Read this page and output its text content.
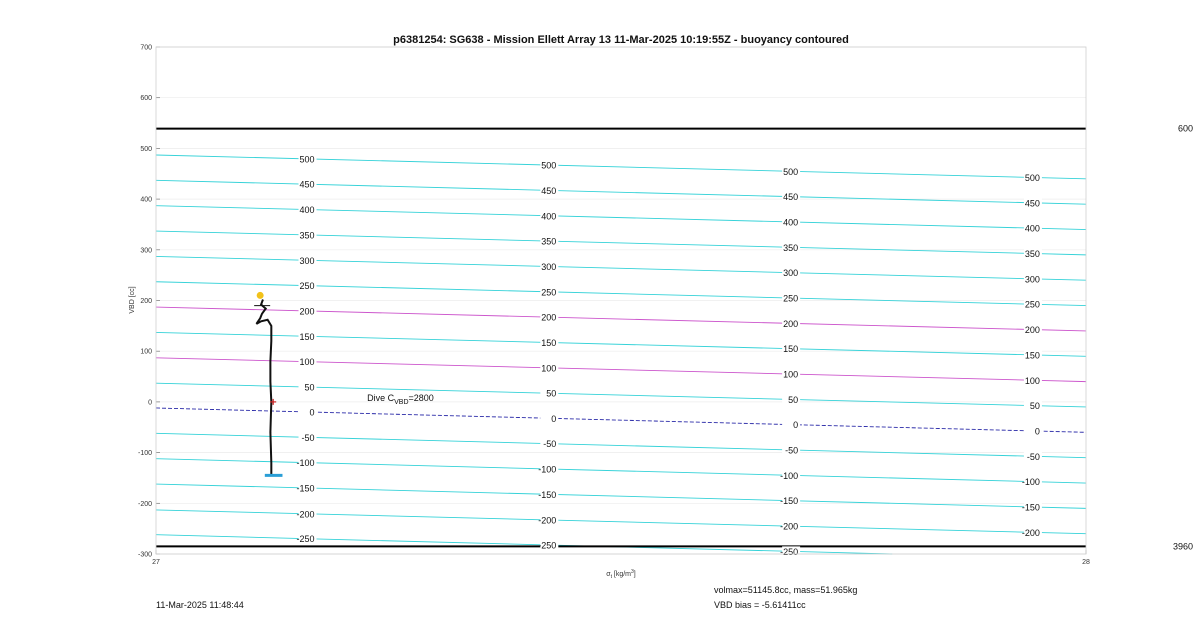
p6381254: SG638 - Mission Ellett Array 13 11-Mar-2025 10:19:55Z - buoyancy contoured
600
3960
-250
-200
-150
-100
-50
0
50
100
150
200
250
300
350
400
450
500
-250
-200
-150
-100
-50
0
50
100
150
200
250
300
350
400
450
500
-250
-200
-150
-100
-50
0
50
100
150
200
250
300
350
400
450
500
-200
-150
-100
-50
0
50
100
150
200
250
300
350
400
450
500
-300
-200
-100
0
100
200
300
400
500
600
700
27	28
Dive $C_{VBD}=2800$
VBD [cc]
$\sigma_t$ $[kg/m^3]$
11-Mar-2025 11:48:44
volmax=51145.8cc, mass=51.965kg
VBD bias = -5.61411cc
